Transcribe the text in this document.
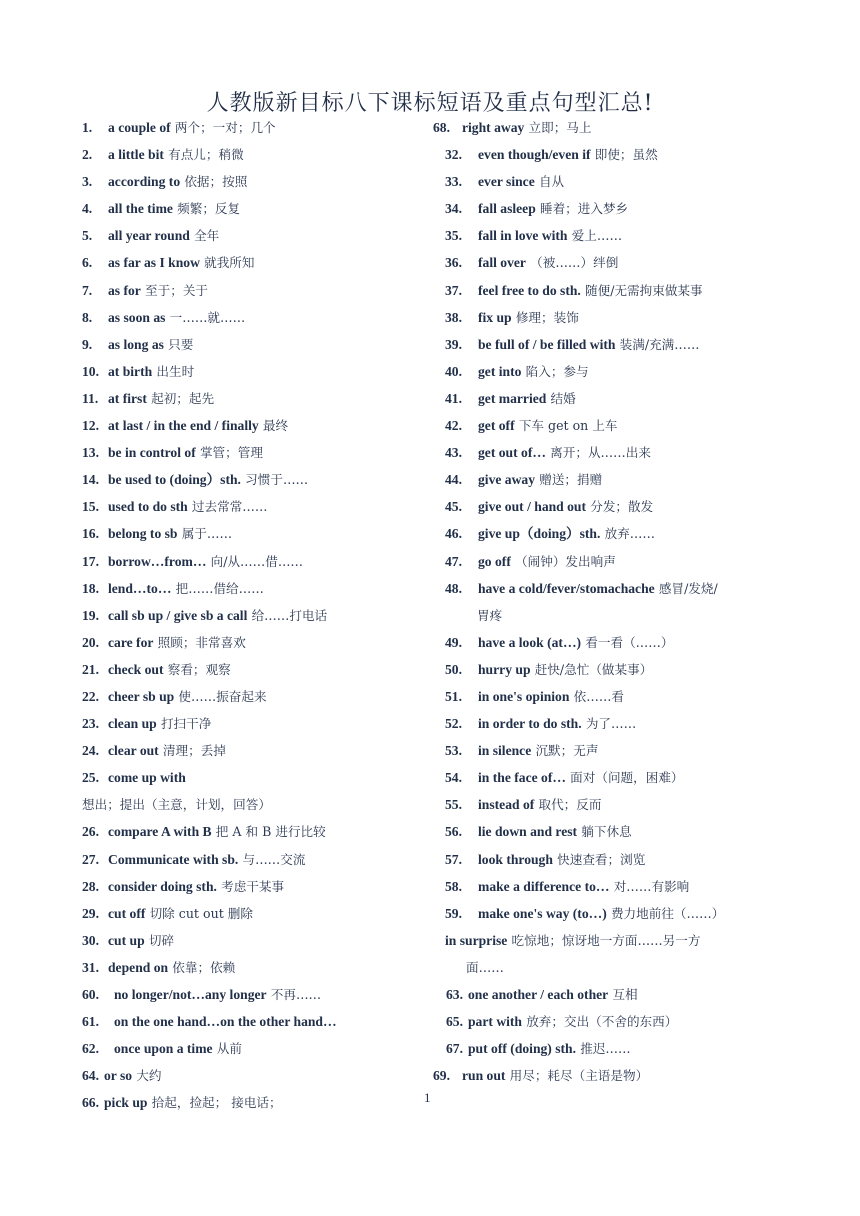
人教版新目标八下课标短语及重点句型汇总!
1. a couple of 两个；一对；几个
2. a little bit 有点儿；稍微
3. according to 依据；按照
4. all the time 频繁；反复
5. all year round 全年
6. as far as I know 就我所知
7. as for 至于；关于
8. as soon as 一……就……
9. as long as 只要
10. at birth 出生时
11. at first 起初；起先
12. at last / in the end / finally 最终
13. be in control of 掌管；管理
14. be used to (doing）sth. 习惯于……
15. used to do sth 过去常常……
16. belong to sb 属于……
17. borrow…from… 向/从……借……
18. lend…to… 把……借给……
19. call sb up / give sb a call 给……打电话
20. care for 照顾；非常喜欢
21. check out 察看；观察
22. cheer sb up 使……振奋起来
23. clean up 打扫干净
24. clear out 清理；丢掉
25. come up with
想出；提出（主意，计划，回答）
26. compare A with B 把 A 和 B 进行比较
27. Communicate with sb. 与……交流
28. consider doing sth. 考虑干某事
29. cut off 切除 cut out 删除
30. cut up 切碎
31. depend on 依靠；依赖
60. no longer/not…any longer 不再……
61. on the one hand…on the other hand…
62. once upon a time 从前
64. or so 大约
66. pick up 拾起，捡起； 接电话；
68. right away 立即；马上
32. even though/even if 即使；虽然
33. ever since 自从
34. fall asleep 睡着；进入梦乡
35. fall in love with 爱上……
36. fall over （被……）绊倒
37. feel free to do sth. 随便/无需拘束做某事
38. fix up 修理；装饰
39. be full of / be filled with 装满/充满……
40. get into 陷入；参与
41. get married 结婚
42. get off 下车 get on 上车
43. get out of… 离开；从……出来
44. give away 赠送；捐赠
45. give out / hand out 分发；散发
46. give up（doing）sth. 放弃……
47. go off （闹钟）发出响声
48. have a cold/fever/stomachache 感冒/发烧/
胃疼
49. have a look (at…) 看一看（……）
50. hurry up 赶快/急忙（做某事）
51. in one's opinion 依……看
52. in order to do sth. 为了……
53. in silence 沉默；无声
54. in the face of… 面对（问题，困难）
55. instead of 取代；反而
56. lie down and rest 躺下休息
57. look through 快速查看；浏览
58. make a difference to… 对……有影响
59. make one's way (to…) 费力地前往（……）
in surprise 吃惊地；惊讶地一方面……另一方
面……
63. one another / each other 互相
65. part with 放弃；交出（不舍的东西）
67. put off (doing) sth. 推迟……
69. run out 用尽；耗尽（主语是物）
1
